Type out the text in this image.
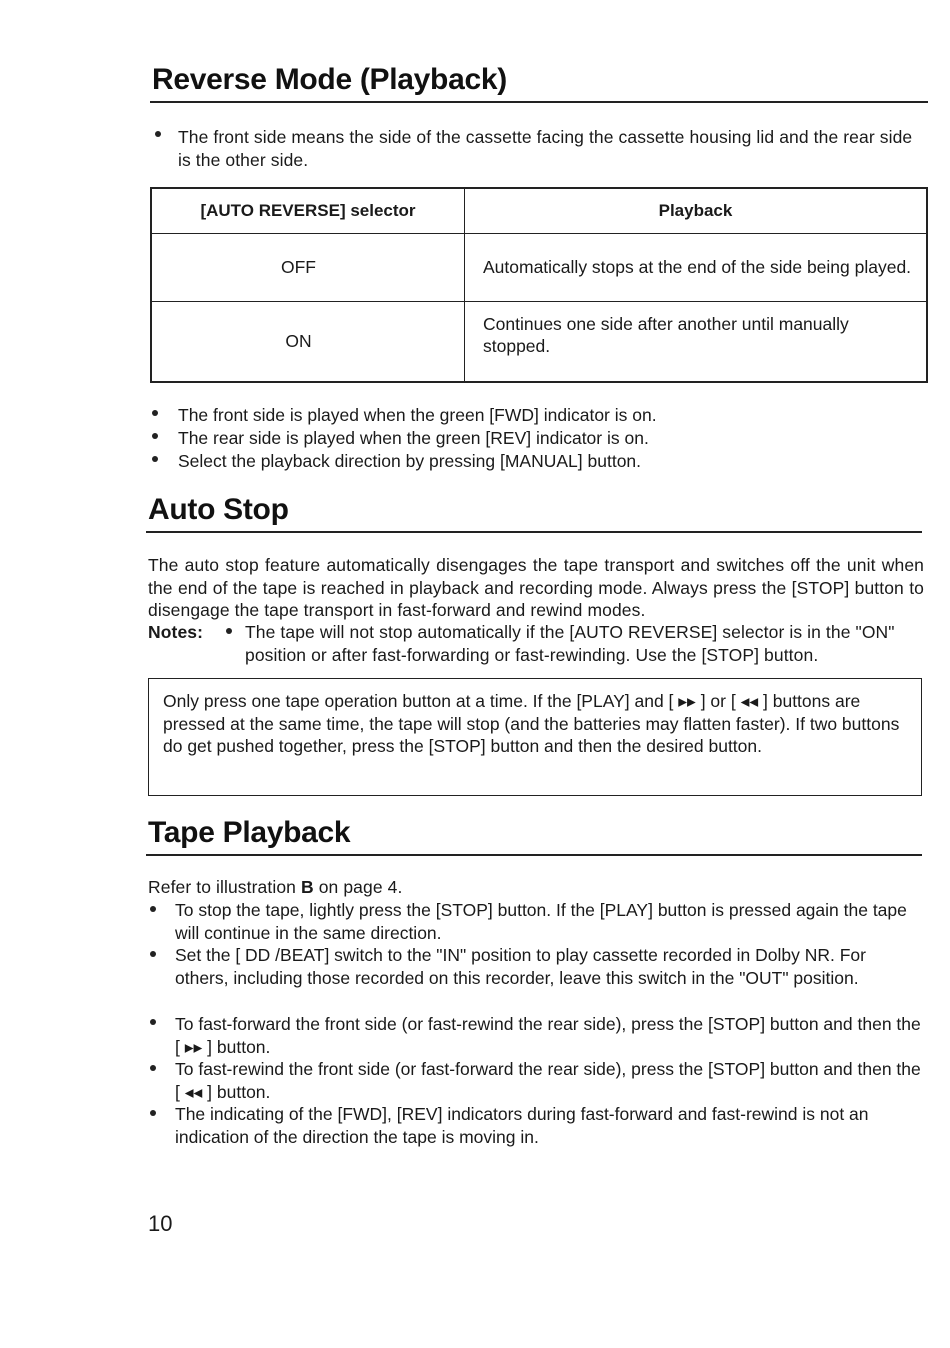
Reverse Mode (Playback)
The front side means the side of the cassette facing the cassette housing lid and the rear side is the other side.
[AUTO REVERSE] selector	Playback
OFF	Automatically stops at the end of the side being played.
ON	Continues one side after another until manually stopped.
The front side is played when the green [FWD] indicator is on.
The rear side is played when the green [REV] indicator is on.
Select the playback direction by pressing [MANUAL] button.
Auto Stop
The auto stop feature automatically disengages the tape transport and switches off the unit when the end of the tape is reached in playback and recording mode. Always press the [STOP] button to disengage the tape transport in fast-forward and rewind modes.
Notes: The tape will not stop automatically if the [AUTO REVERSE] selector is in the "ON" position or after fast-forwarding or fast-rewinding. Use the [STOP] button.
Only press one tape operation button at a time. If the [PLAY] and [ ▸▸ ] or [ ◂◂ ] buttons are pressed at the same time, the tape will stop (and the batteries may flatten faster). If two buttons do get pushed together, press the [STOP] button and then the desired button.
Tape Playback
Refer to illustration B on page 4.
To stop the tape, lightly press the [STOP] button. If the [PLAY] button is pressed again the tape will continue in the same direction.
Set the [ DD /BEAT] switch to the "IN" position to play cassette recorded in Dolby NR. For others, including those recorded on this recorder, leave this switch in the "OUT" position.
To fast-forward the front side (or fast-rewind the rear side), press the [STOP] button and then the [ ▸▸ ] button.
To fast-rewind the front side (or fast-forward the rear side), press the [STOP] button and then the [ ◂◂ ] button.
The indicating of the [FWD], [REV] indicators during fast-forward and fast-rewind is not an indication of the direction the tape is moving in.
10
